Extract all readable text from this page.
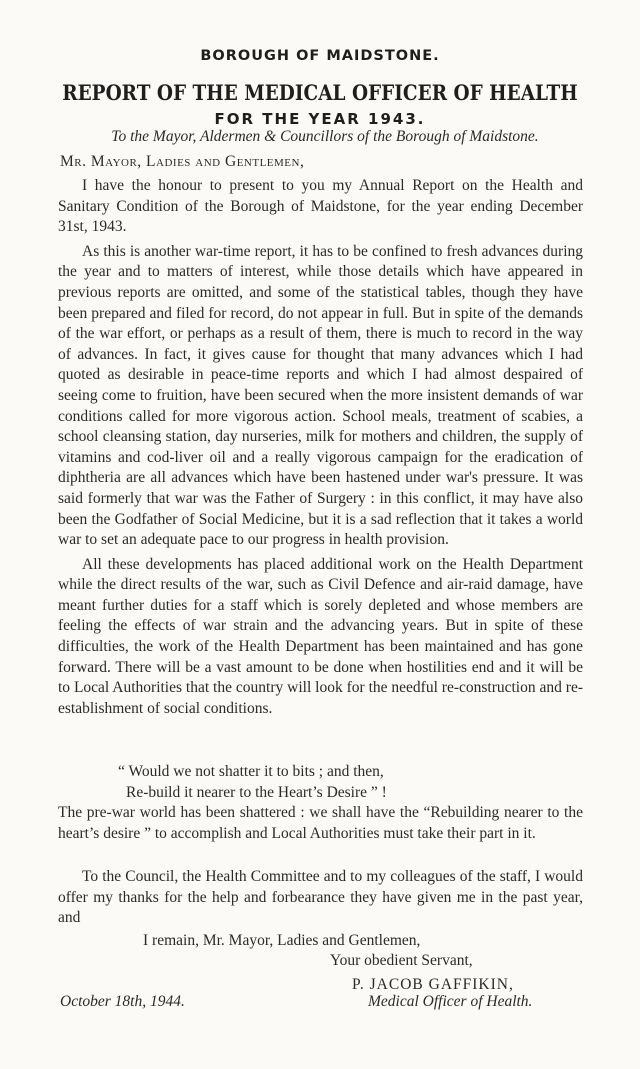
BOROUGH OF MAIDSTONE.
REPORT OF THE MEDICAL OFFICER OF HEALTH
FOR THE YEAR 1943.
To the Mayor, Aldermen & Councillors of the Borough of Maidstone.
Mr. Mayor, Ladies and Gentlemen,

I have the honour to present to you my Annual Report on the Health and Sanitary Condition of the Borough of Maidstone, for the year ending December 31st, 1943.

As this is another war-time report, it has to be confined to fresh advances during the year and to matters of interest, while those details which have appeared in previous reports are omitted, and some of the statistical tables, though they have been prepared and filed for record, do not appear in full. But in spite of the demands of the war effort, or perhaps as a result of them, there is much to record in the way of advances. In fact, it gives cause for thought that many advances which I had quoted as desirable in peace-time reports and which I had almost despaired of seeing come to fruition, have been secured when the more insistent demands of war conditions called for more vigorous action. School meals, treatment of scabies, a school cleansing station, day nurseries, milk for mothers and children, the supply of vitamins and cod-liver oil and a really vigorous campaign for the eradication of diphtheria are all advances which have been hastened under war's pressure. It was said formerly that war was the Father of Surgery : in this conflict, it may have also been the Godfather of Social Medicine, but it is a sad reflection that it takes a world war to set an adequate pace to our progress in health provision.

All these developments has placed additional work on the Health Department while the direct results of the war, such as Civil Defence and air-raid damage, have meant further duties for a staff which is sorely depleted and whose members are feeling the effects of war strain and the advancing years. But in spite of these difficulties, the work of the Health Department has been maintained and has gone forward. There will be a vast amount to be done when hostilities end and it will be to Local Authorities that the country will look for the needful re-construction and re-establishment of social conditions.

“ Would we not shatter it to bits ; and then,
Re-build it nearer to the Heart’s Desire ” !

The pre-war world has been shattered : we shall have the “Rebuilding nearer to the heart’s desire ” to accomplish and Local Authorities must take their part in it.

To the Council, the Health Committee and to my colleagues of the staff, I would offer my thanks for the help and forbearance they have given me in the past year, and

I remain, Mr. Mayor, Ladies and Gentlemen,
Your obedient Servant,
P. JACOB GAFFIKIN,
October 18th, 1944.	Medical Officer of Health.
